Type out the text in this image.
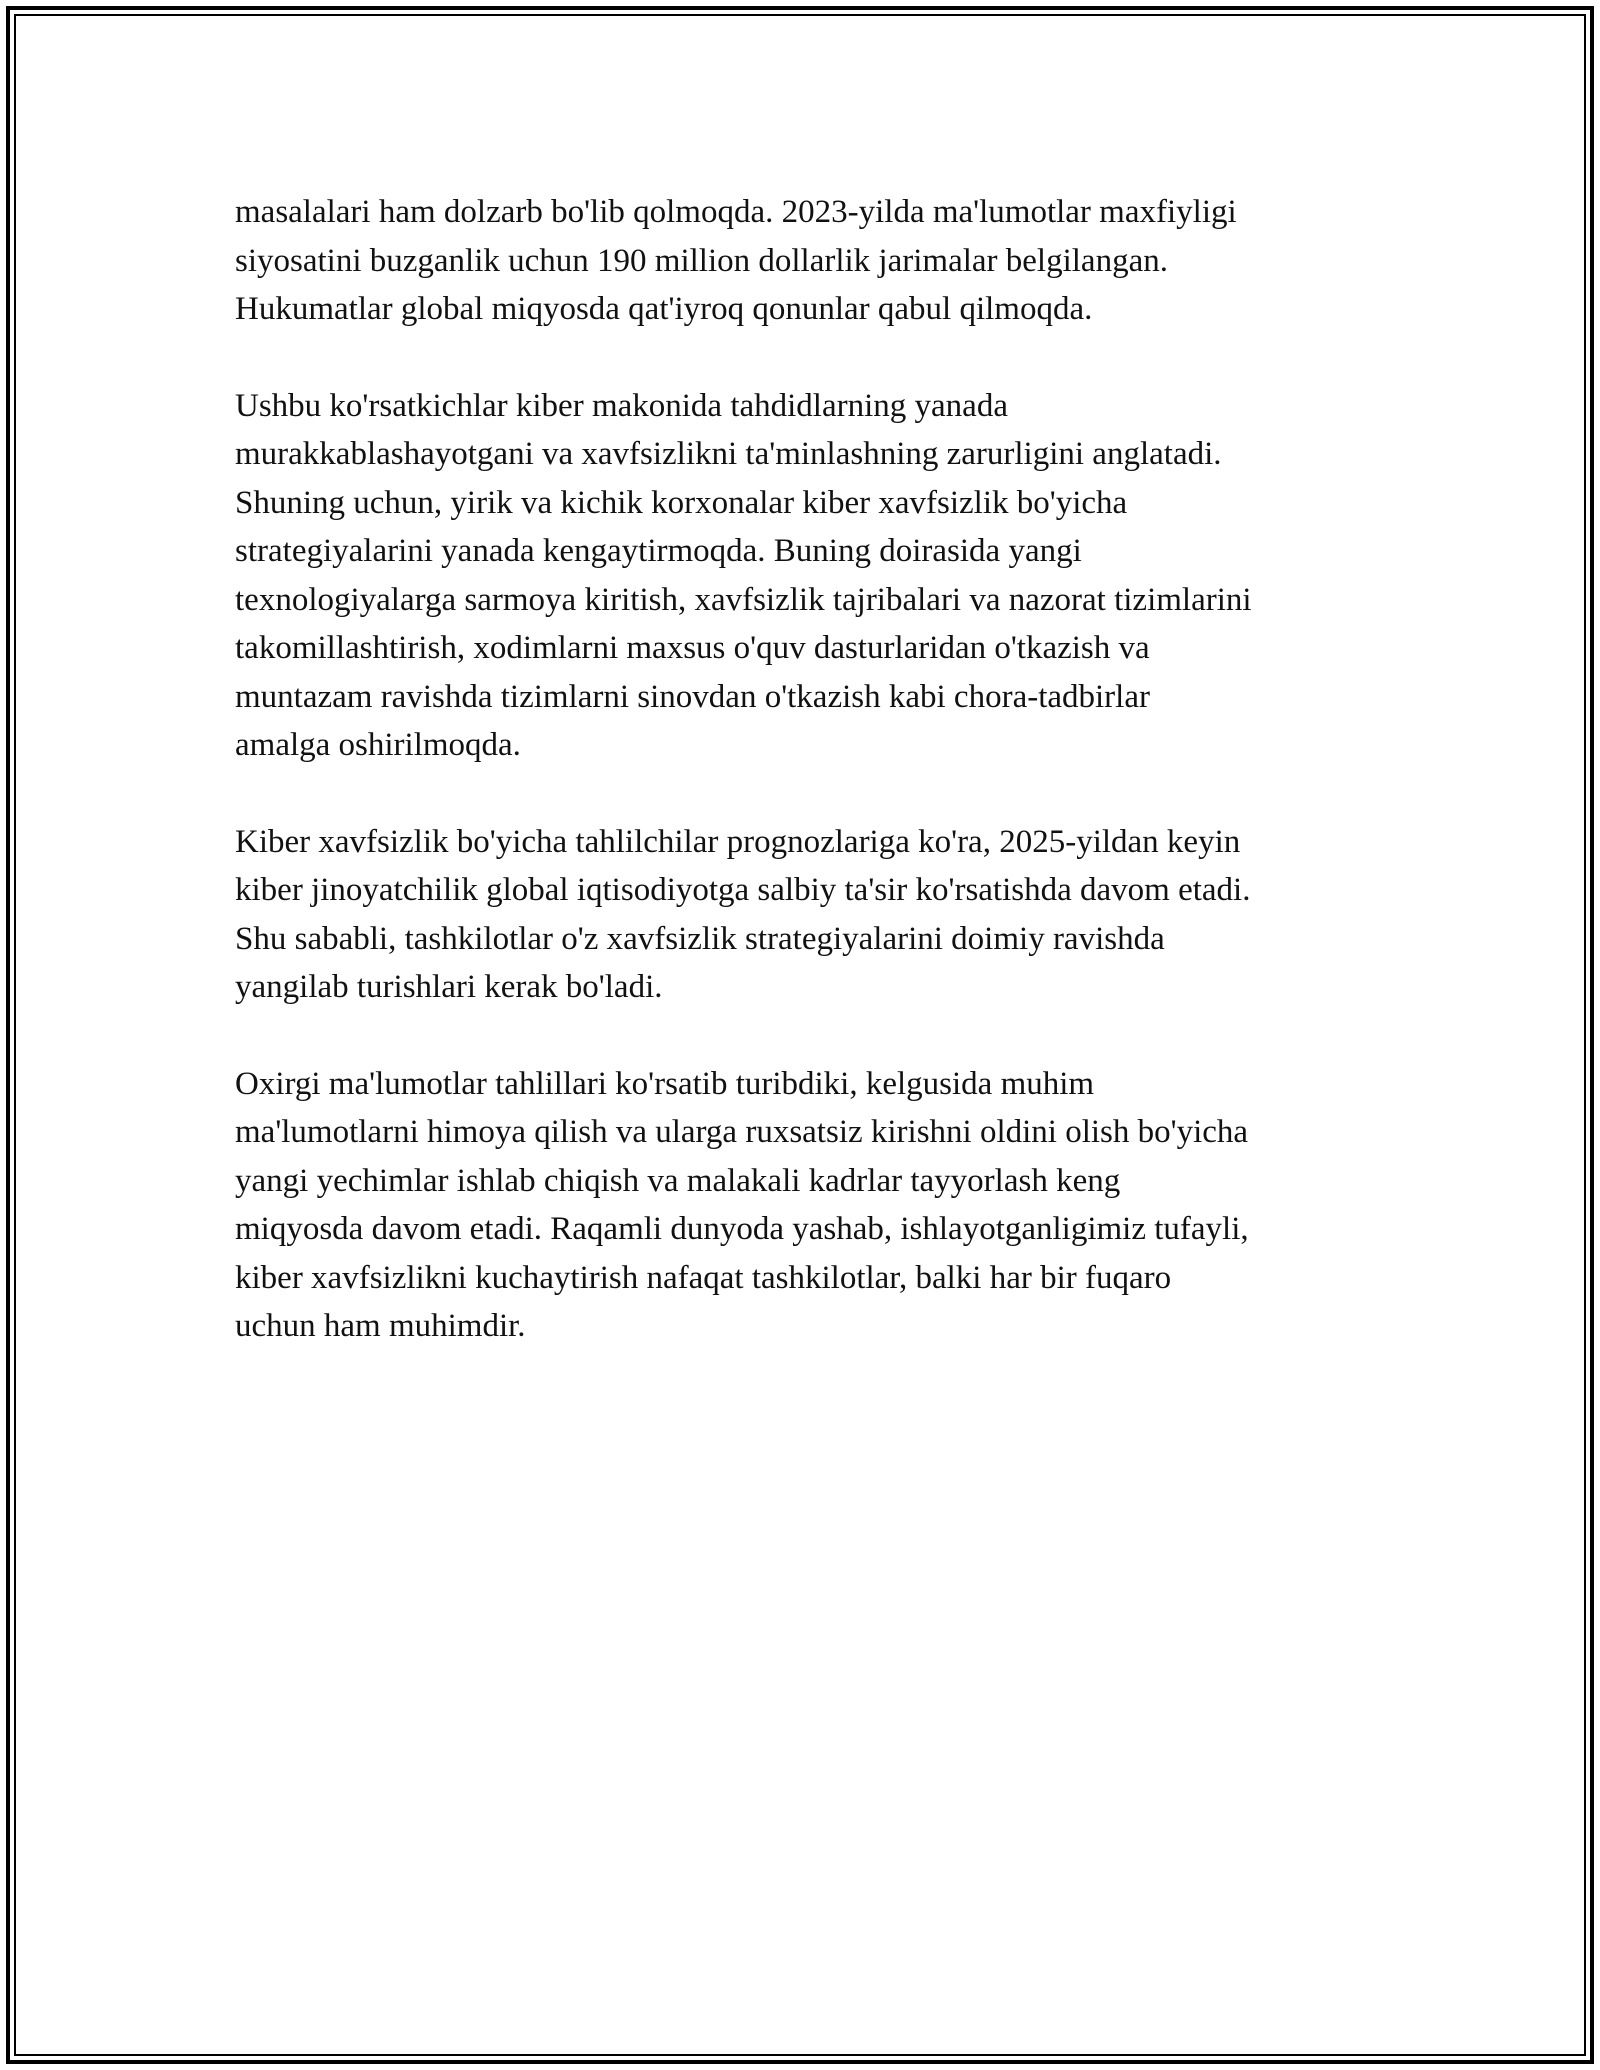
masalalari ham dolzarb bo'lib qolmoqda. 2023-yilda ma'lumotlar maxfiyligi
siyosatini buzganlik uchun 190 million dollarlik jarimalar belgilangan.
Hukumatlar global miqyosda qat'iyroq qonunlar qabul qilmoqda.

Ushbu ko'rsatkichlar kiber makonida tahdidlarning yanada
murakkablashayotgani va xavfsizlikni ta'minlashning zarurligini anglatadi.
Shuning uchun, yirik va kichik korxonalar kiber xavfsizlik bo'yicha
strategiyalarini yanada kengaytirmoqda. Buning doirasida yangi
texnologiyalarga sarmoya kiritish, xavfsizlik tajribalari va nazorat tizimlarini
takomillashtirish, xodimlarni maxsus o'quv dasturlaridan o'tkazish va
muntazam ravishda tizimlarni sinovdan o'tkazish kabi chora-tadbirlar
amalga oshirilmoqda.

Kiber xavfsizlik bo'yicha tahlilchilar prognozlariga ko'ra, 2025-yildan keyin
kiber jinoyatchilik global iqtisodiyotga salbiy ta'sir ko'rsatishda davom etadi.
Shu sababli, tashkilotlar o'z xavfsizlik strategiyalarini doimiy ravishda
yangilab turishlari kerak bo'ladi.

Oxirgi ma'lumotlar tahlillari ko'rsatib turibdiki, kelgusida muhim
ma'lumotlarni himoya qilish va ularga ruxsatsiz kirishni oldini olish bo'yicha
yangi yechimlar ishlab chiqish va malakali kadrlar tayyorlash keng
miqyosda davom etadi. Raqamli dunyoda yashab, ishlayotganligimiz tufayli,
kiber xavfsizlikni kuchaytirish nafaqat tashkilotlar, balki har bir fuqaro
uchun ham muhimdir.
